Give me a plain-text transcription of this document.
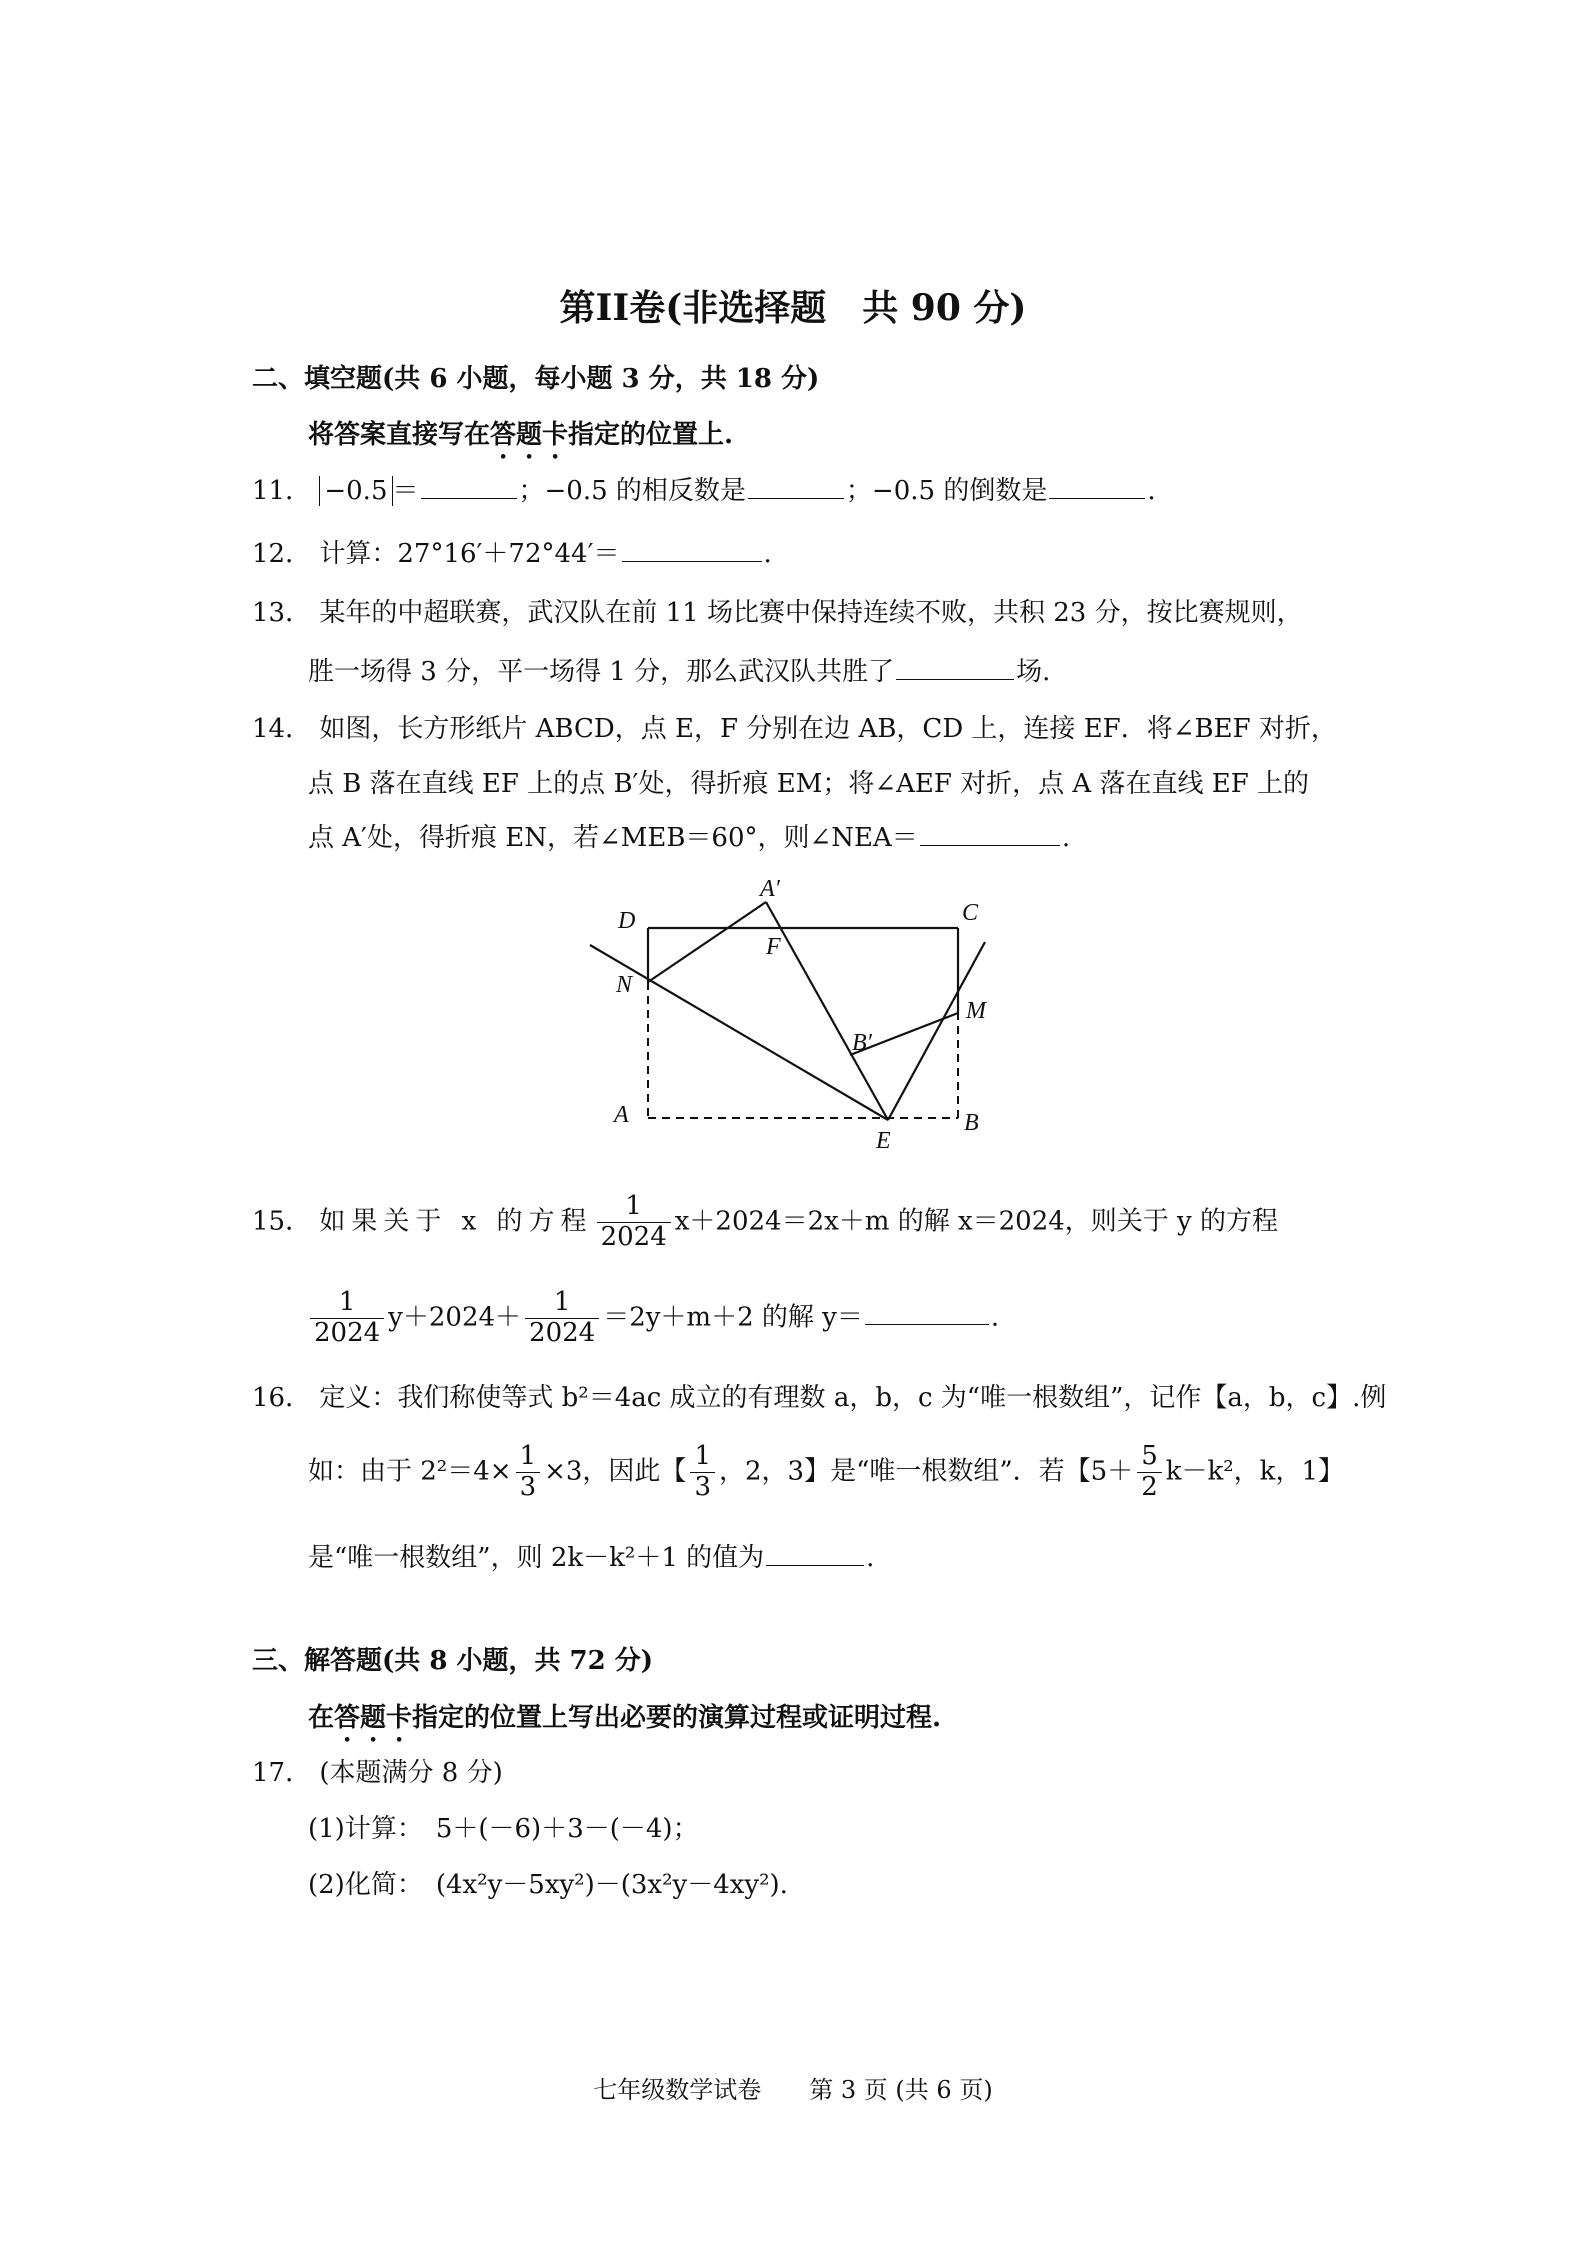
第II卷(非选择题　共 90 分)
二、填空题(共 6 小题，每小题 3 分，共 18 分)
将答案直接写在答题卡指定的位置上.
11． −0.5 ＝	；−0.5 的相反数是	；−0.5 的倒数是	.
12． 计算：27°16′＋72°44′＝	.
13． 某年的中超联赛，武汉队在前 11 场比赛中保持连续不败，共积 23 分，按比赛规则，
胜一场得 3 分，平一场得 1 分，那么武汉队共胜了	场.
14． 如图，长方形纸片 ABCD，点 E，F 分别在边 AB，CD 上，连接 EF．将∠BEF 对折，
点 B 落在直线 EF 上的点 B′处，得折痕 EM；将∠AEF 对折，点 A 落在直线 EF 上的
点 A′处，得折痕 EN，若∠MEB＝60°，则∠NEA＝	.
D	C
A′
F
N
M
B′
A	B
E
15． 如果关于 x 的方程 $\frac{1}{2024} x+2024=2x+m$ 的解 x＝2024，则关于 y 的方程
$\frac{1}{2024} y+2024+ \frac{1}{2024} =2y+m+2$ 的解 y＝	.
16． 定义：我们称使等式 b²＝4ac 成立的有理数 a，b，c 为“唯一根数组”，记作【a，b，c】.例
如：由于 $2^2=4\times \frac{1}{3} \times 3$，因此【 $\frac{1}{3}$ ，2，3】是“唯一根数组”．若【$5+ \frac{5}{2} k-k^2$，k，1】
是“唯一根数组”，则 2k－k²＋1 的值为	.
三、解答题(共 8 小题，共 72 分)
在答题卡指定的位置上写出必要的演算过程或证明过程.
17． (本题满分 8 分)
(1)计算：　5＋(－6)＋3－(－4)；
(2)化简：　(4x²y－5xy²)－(3x²y－4xy²).
七年级数学试卷　　第 3 页 (共 6 页)
